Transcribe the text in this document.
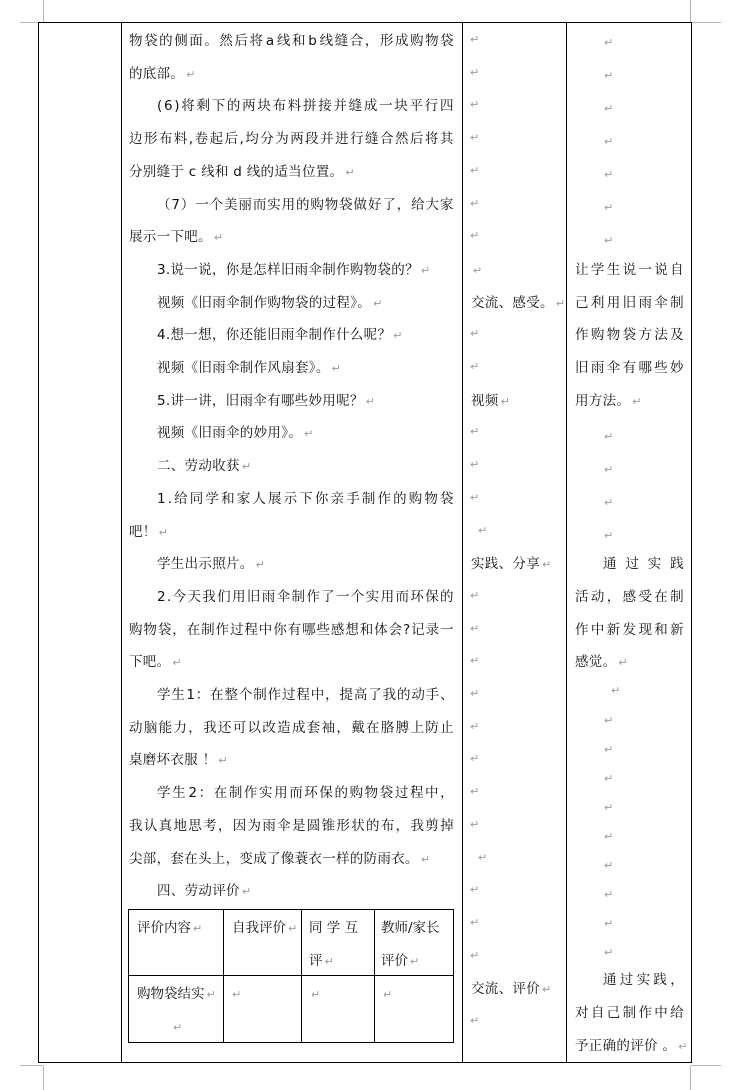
物 袋 的 侧 面 。 然 后 将 a 线 和 b 线 缝 合 ， 形 成 购 物 袋
的底部。 ↵
( 6 ) 将 剩 下 的 两 块 布 料 拼 接 并 缝 成 一 块 平 行 四
边 形 布 料 , 卷 起 后 , 均 分 为 两 段 并 进 行 缝 合 然 后 将 其
分别缝于 c 线和 d 线的适当位置。 ↵
（ 7 ） 一 个 美 丽 而 实 用 的 购 物 袋 做 好 了 ， 给 大 家
展示一下吧。 ↵
3.说一说，你是怎样旧雨伞制作购物袋的？ ↵
视频《旧雨伞制作购物袋的过程》。 ↵
4.想一想，你还能旧雨伞制作什么呢？ ↵
视频《旧雨伞制作风扇套》。 ↵
5.讲一讲，旧雨伞有哪些妙用呢？ ↵
视频《旧雨伞的妙用》。 ↵
二、劳动收获 ↵
1 . 给 同 学 和 家 人 展 示 下 你 亲 手 制 作 的 购 物 袋
吧！ ↵
学生出示照片。 ↵
2 . 今 天 我 们 用 旧 雨 伞 制 作 了 一 个 实 用 而 环 保 的
购 物 袋 ， 在 制 作 过 程 中 你 有 哪 些 感 想 和 体 会 ? 记 录 一
下吧。 ↵
学 生 1 ： 在 整 个 制 作 过 程 中 ， 提 高 了 我 的 动 手 、
动 脑 能 力 ， 我 还 可 以 改 造 成 套 袖 ， 戴 在 胳 膊 上 防 止
桌磨坏衣服 ！ ↵
学 生 2 ： 在 制 作 实 用 而 环 保 的 购 物 袋 过 程 中 ，
我 认 真 地 思 考 ， 因 为 雨 伞 是 圆 锥 形 状 的 布 ， 我 剪 掉
尖部，套在头上，变成了像蓑衣一样的防雨衣。 ↵
四、劳动评价 ↵
↵
↵
↵
↵
↵
↵
↵
↵
交流、感受。 ↵
↵
↵
视频 ↵
↵
↵
↵
↵
实践、分享 ↵
↵
↵
↵
↵
↵
↵
↵
↵
↵
↵
↵
↵
交流、评价 ↵
↵
让 学 生 说 一 说 自
己 利 用 旧 雨 伞 制
作 购 物 袋 方 法 及
旧 雨 伞 有 哪 些 妙
用方法。 ↵
通 过 实 践
活 动 ， 感 受 在 制
作 中 新 发 现 和 新
感觉。 ↵
通 过 实 践 ，
对 自 己 制 作 中 给
予正确的评价 。 ↵
↵
↵
↵
↵
↵
↵
↵
↵
↵
↵
↵
↵
↵
↵
↵
↵
↵
↵
↵
↵
↵
评价内容 ↵ 自我评价 ↵ 同 学 互
评 ↵
教师/家长
评价 ↵
购物袋结实 ↵
↵
↵	↵	↵
